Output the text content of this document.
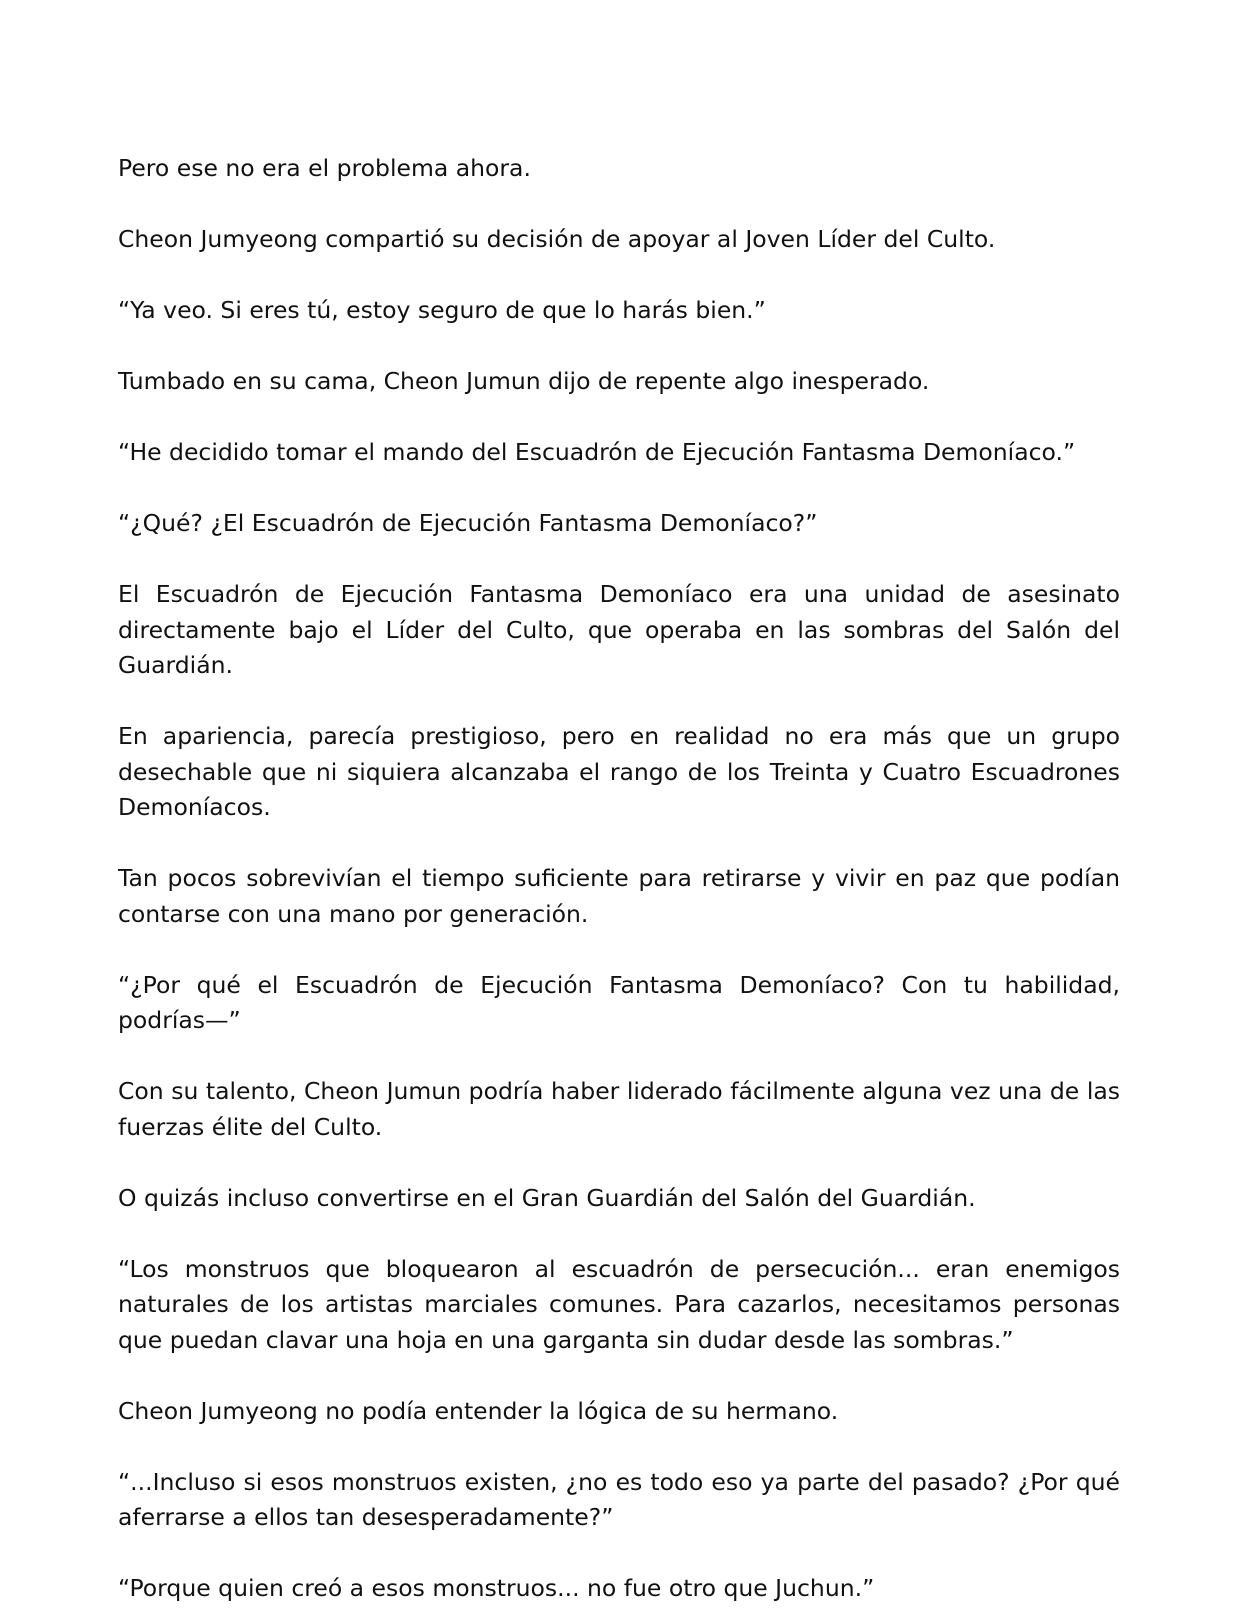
Pero ese no era el problema ahora.

Cheon Jumyeong compartió su decisión de apoyar al Joven Líder del Culto.

“Ya veo. Si eres tú, estoy seguro de que lo harás bien.”

Tumbado en su cama, Cheon Jumun dijo de repente algo inesperado.

“He decidido tomar el mando del Escuadrón de Ejecución Fantasma Demoníaco.”

“¿Qué? ¿El Escuadrón de Ejecución Fantasma Demoníaco?”

El Escuadrón de Ejecución Fantasma Demoníaco era una unidad de asesinato directamente bajo el Líder del Culto, que operaba en las sombras del Salón del Guardián.

En apariencia, parecía prestigioso, pero en realidad no era más que un grupo desechable que ni siquiera alcanzaba el rango de los Treinta y Cuatro Escuadrones Demoníacos.

Tan pocos sobrevivían el tiempo suficiente para retirarse y vivir en paz que podían contarse con una mano por generación.

“¿Por qué el Escuadrón de Ejecución Fantasma Demoníaco? Con tu habilidad, podrías—”

Con su talento, Cheon Jumun podría haber liderado fácilmente alguna vez una de las fuerzas élite del Culto.

O quizás incluso convertirse en el Gran Guardián del Salón del Guardián.

“Los monstruos que bloquearon al escuadrón de persecución... eran enemigos naturales de los artistas marciales comunes. Para cazarlos, necesitamos personas que puedan clavar una hoja en una garganta sin dudar desde las sombras.”

Cheon Jumyeong no podía entender la lógica de su hermano.

“...Incluso si esos monstruos existen, ¿no es todo eso ya parte del pasado? ¿Por qué aferrarse a ellos tan desesperadamente?”

“Porque quien creó a esos monstruos... no fue otro que Juchun.”
